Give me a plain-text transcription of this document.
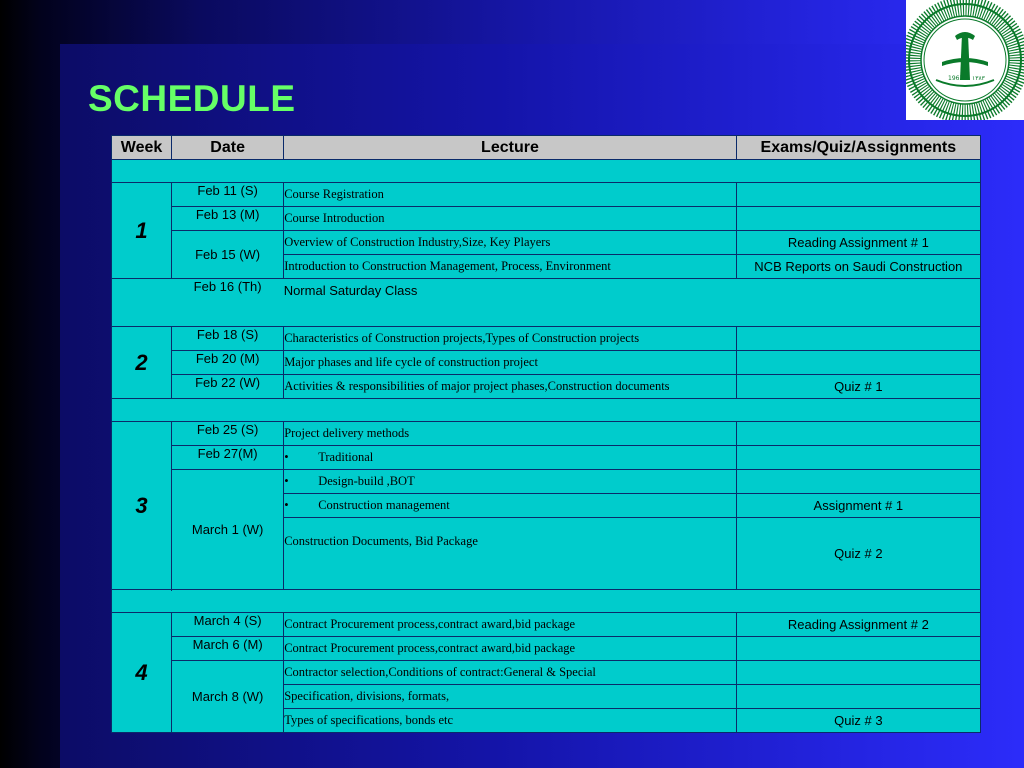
SCHEDULE	1963 ١٣٨٣
Week	Date	Lecture	Exams/Quiz/Assignments

1	Feb 11 (S)	Course Registration	
	Feb 13 (M)	Course Introduction	
	Feb 15 (W)	Overview of Construction Industry,Size, Key Players	Reading Assignment # 1
		Introduction to Construction Management, Process, Environment	NCB Reports on Saudi Construction
	Feb 16 (Th)	Normal Saturday Class	
2	Feb 18 (S)	Characteristics of Construction projects,Types of Construction projects	
	Feb 20 (M)	Major phases and life cycle of construction project	
	Feb 22 (W)	Activities & responsibilities of major project phases,Construction documents	Quiz # 1

3	Feb 25 (S)	Project delivery methods	
	Feb 27(M)	• Traditional	
	March 1 (W)	• Design-build ,BOT	
		• Construction management	Assignment # 1
		Construction Documents, Bid Package	Quiz # 2

4	March 4 (S)	Contract Procurement process,contract award,bid package	Reading Assignment # 2
	March 6 (M)	Contract Procurement process,contract award,bid package	
	March 8 (W)	Contractor selection,Conditions of contract:General & Special	
		Specification, divisions, formats,	
		Types of specifications, bonds etc	Quiz # 3
